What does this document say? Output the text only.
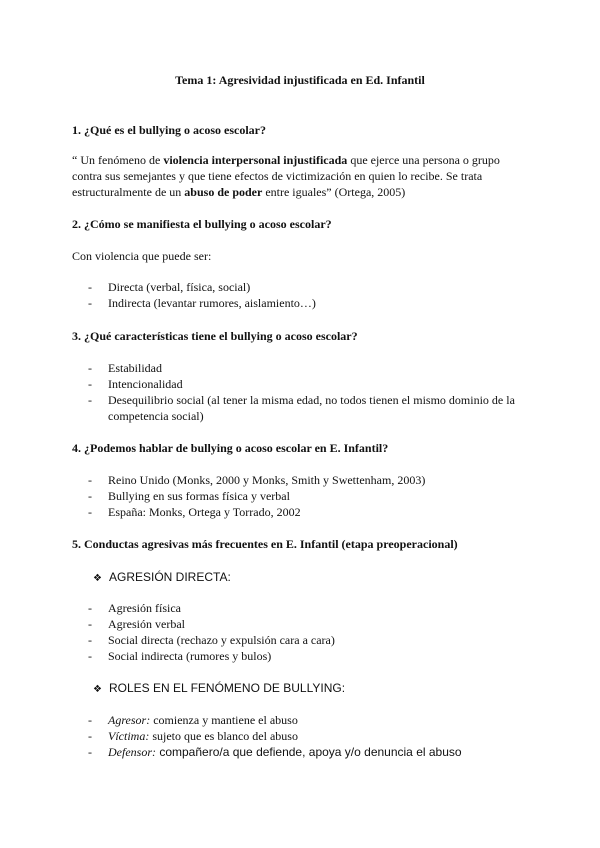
Tema 1: Agresividad injustificada en Ed. Infantil
1. ¿Qué es el bullying o acoso escolar?
“ Un fenómeno de violencia interpersonal injustificada que ejerce una persona o grupo contra sus semejantes y que tiene efectos de victimización en quien lo recibe. Se trata estructuralmente de un abuso de poder entre iguales” (Ortega, 2005)
2. ¿Cómo se manifiesta el bullying o acoso escolar?
Con violencia que puede ser:
- Directa (verbal, física, social)
- Indirecta (levantar rumores, aislamiento…)
3. ¿Qué características tiene el bullying o acoso escolar?
- Estabilidad
- Intencionalidad
- Desequilibrio social (al tener la misma edad, no todos tienen el mismo dominio de la competencia social)
4. ¿Podemos hablar de bullying o acoso escolar en E. Infantil?
- Reino Unido (Monks, 2000 y Monks, Smith y Swettenham, 2003)
- Bullying en sus formas física y verbal
- España: Monks, Ortega y Torrado, 2002
5. Conductas agresivas más frecuentes en E. Infantil (etapa preoperacional)
❖ AGRESIÓN DIRECTA:
- Agresión física
- Agresión verbal
- Social directa (rechazo y expulsión cara a cara)
- Social indirecta (rumores y bulos)
❖ ROLES EN EL FENÓMENO DE BULLYING:
- Agresor: comienza y mantiene el abuso
- Víctima: sujeto que es blanco del abuso
- Defensor: compañero/a que defiende, apoya y/o denuncia el abuso
